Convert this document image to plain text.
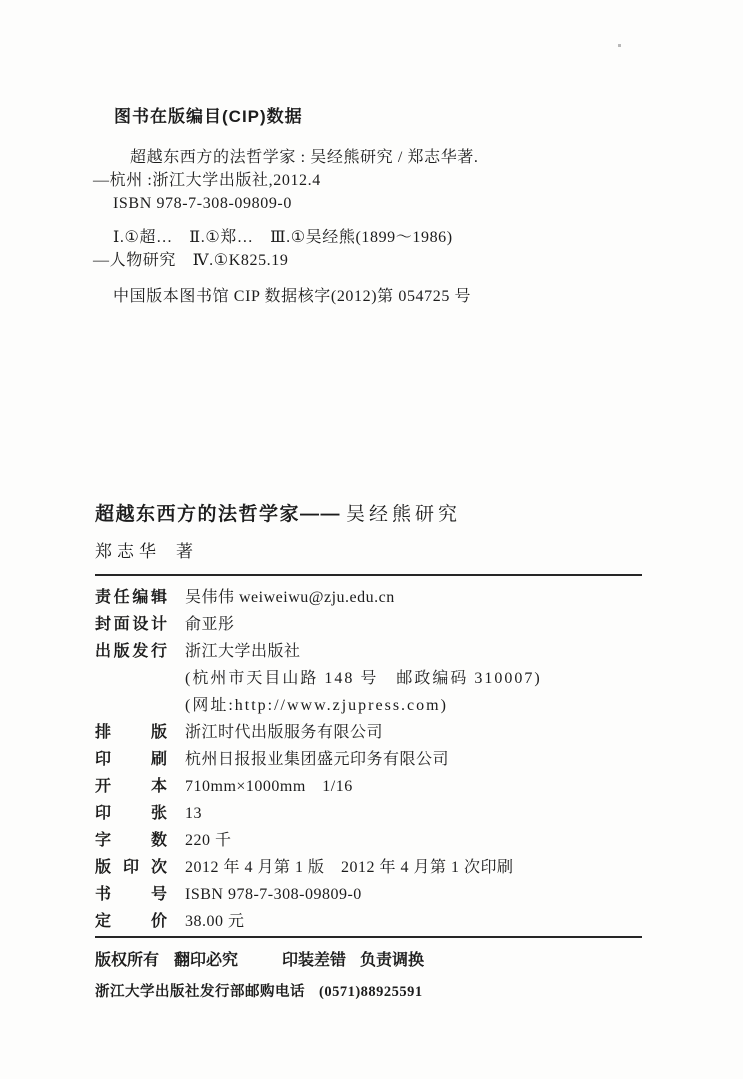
图书在版编目(CIP)数据
超越东西方的法哲学家 : 吴经熊研究 / 郑志华著.
—杭州 :浙江大学出版社,2012.4
ISBN 978-7-308-09809-0
Ⅰ.①超…　Ⅱ.①郑…　Ⅲ.①吴经熊(1899～1986)
—人物研究　Ⅳ.①K825.19
中国版本图书馆 CIP 数据核字(2012)第 054725 号
超越东西方的法哲学家—— 吴经熊研究
郑志华 著
责任编辑 吴伟伟 weiweiwu@zju.edu.cn
封面设计 俞亚彤
出版发行 浙江大学出版社
(杭州市天目山路 148 号　邮政编码 310007)
(网址:http://www.zjupress.com)
排版 浙江时代出版服务有限公司
印刷 杭州日报报业集团盛元印务有限公司
开本 710mm×1000mm　1/16
印张 13
字数 220 千
版印次 2012 年 4 月第 1 版　2012 年 4 月第 1 次印刷
书号 ISBN 978-7-308-09809-0
定价 38.00 元
版权所有 翻印必究	印装差错 负责调换
浙江大学出版社发行部邮购电话 (0571)88925591
